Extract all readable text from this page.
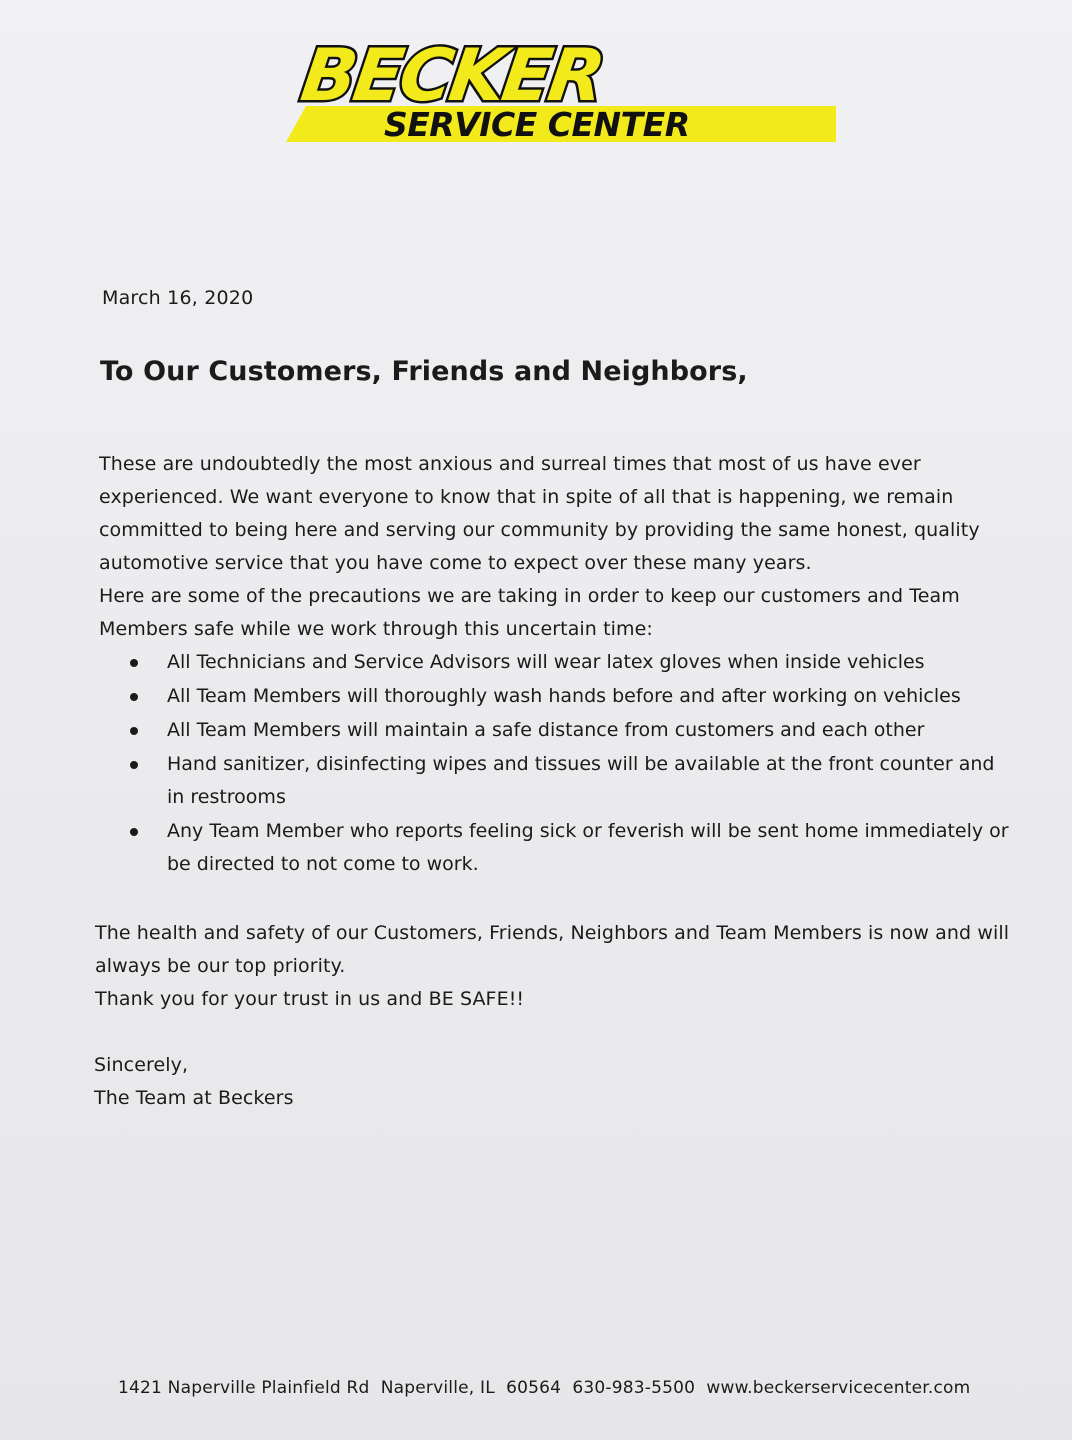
BECKER
SERVICE CENTER
March 16, 2020
To Our Customers, Friends and Neighbors,
These are undoubtedly the most anxious and surreal times that most of us have ever experienced. We want everyone to know that in spite of all that is happening, we remain committed to being here and serving our community by providing the same honest, quality automotive service that you have come to expect over these many years.
Here are some of the precautions we are taking in order to keep our customers and Team Members safe while we work through this uncertain time:
All Technicians and Service Advisors will wear latex gloves when inside vehicles
All Team Members will thoroughly wash hands before and after working on vehicles
All Team Members will maintain a safe distance from customers and each other
Hand sanitizer, disinfecting wipes and tissues will be available at the front counter and in restrooms
Any Team Member who reports feeling sick or feverish will be sent home immediately or be directed to not come to work.
The health and safety of our Customers, Friends, Neighbors and Team Members is now and will always be our top priority.
Thank you for your trust in us and BE SAFE!!
Sincerely,
The Team at Beckers
1421 Naperville Plainfield Rd  Naperville, IL  60564  630-983-5500  www.beckerservicecenter.com
